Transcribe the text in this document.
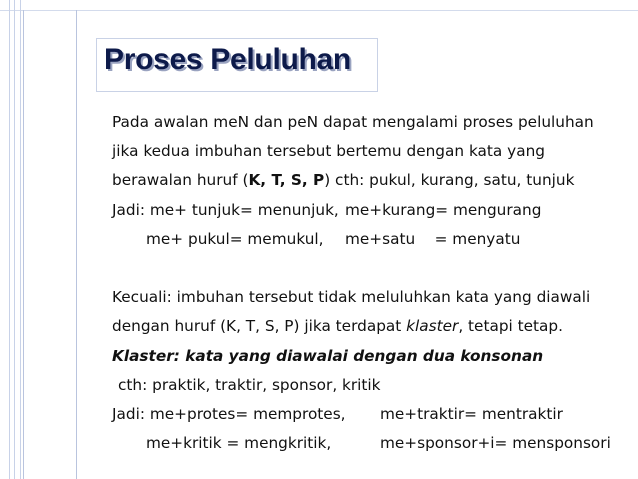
Proses Peluluhan
Pada awalan meN dan peN dapat mengalami proses peluluhan
jika kedua imbuhan tersebut bertemu dengan kata yang
berawalan huruf (K, T, S, P) cth: pukul, kurang, satu, tunjuk
Jadi: me+ tunjuk= menunjuk, me+kurang= mengurang
me+ pukul= memukul, me+satu    = menyatu
Kecuali: imbuhan tersebut tidak meluluhkan kata yang diawali
dengan huruf (K, T, S, P) jika terdapat klaster, tetapi tetap.
Klaster: kata yang diawalai dengan dua konsonan
cth: praktik, traktir, sponsor, kritik
Jadi: me+protes= memprotes, me+traktir= mentraktir
me+kritik = mengkritik,	me+sponsor+i= mensponsori
